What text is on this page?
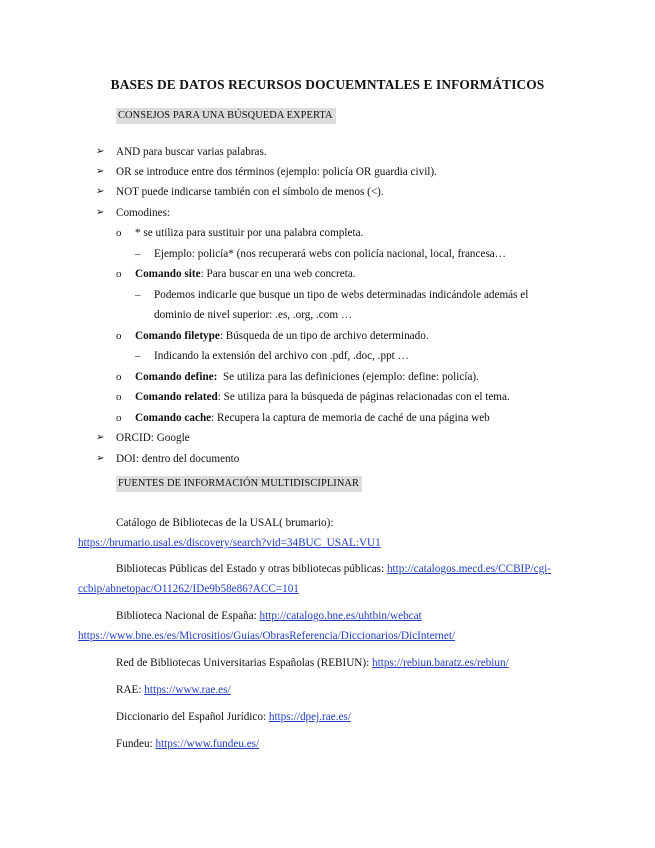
BASES DE DATOS RECURSOS DOCUEMNTALES E INFORMÁTICOS
CONSEJOS PARA UNA BÚSQUEDA EXPERTA
➢ AND para buscar varias palabras.
➢ OR se introduce entre dos términos (ejemplo: policía OR guardia civil).
➢ NOT puede indicarse también con el símbolo de menos (<).
➢ Comodines:
o * se utiliza para sustituir por una palabra completa.
– Ejemplo: policía* (nos recuperará webs con policía nacional, local, francesa…
o Comando site: Para buscar en una web concreta.
– Podemos indicarle que busque un tipo de webs determinadas indicándole además el
dominio de nivel superior: .es, .org, .com …
o Comando filetype: Búsqueda de un tipo de archivo determinado.
– Indicando la extensión del archivo con .pdf, .doc, .ppt …
o Comando define:  Se utiliza para las definiciones (ejemplo: define: policía).
o Comando related: Se utiliza para la búsqueda de páginas relacionadas con el tema.
o Comando cache: Recupera la captura de memoria de caché de una página web
➢ ORCID: Google
➢ DOI: dentro del documento
FUENTES DE INFORMACIÓN MULTIDISCIPLINAR
Catálogo de Bibliotecas de la USAL( brumario):
https://brumario.usal.es/discovery/search?vid=34BUC_USAL:VU1
Bibliotecas Públicas del Estado y otras bibliotecas públicas: http://catalogos.mecd.es/CCBIP/cgi-
ccbip/abnetopac/O11262/IDe9b58e86?ACC=101
Biblioteca Nacional de España: http://catalogo.bne.es/uhtbin/webcat
https://www.bne.es/es/Micrositios/Guias/ObrasReferencia/Diccionarios/DicInternet/
Red de Bibliotecas Universitarias Españolas (REBIUN): https://rebiun.baratz.es/rebiun/
RAE: https://www.rae.es/
Diccionario del Español Jurídico: https://dpej.rae.es/
Fundeu: https://www.fundeu.es/
